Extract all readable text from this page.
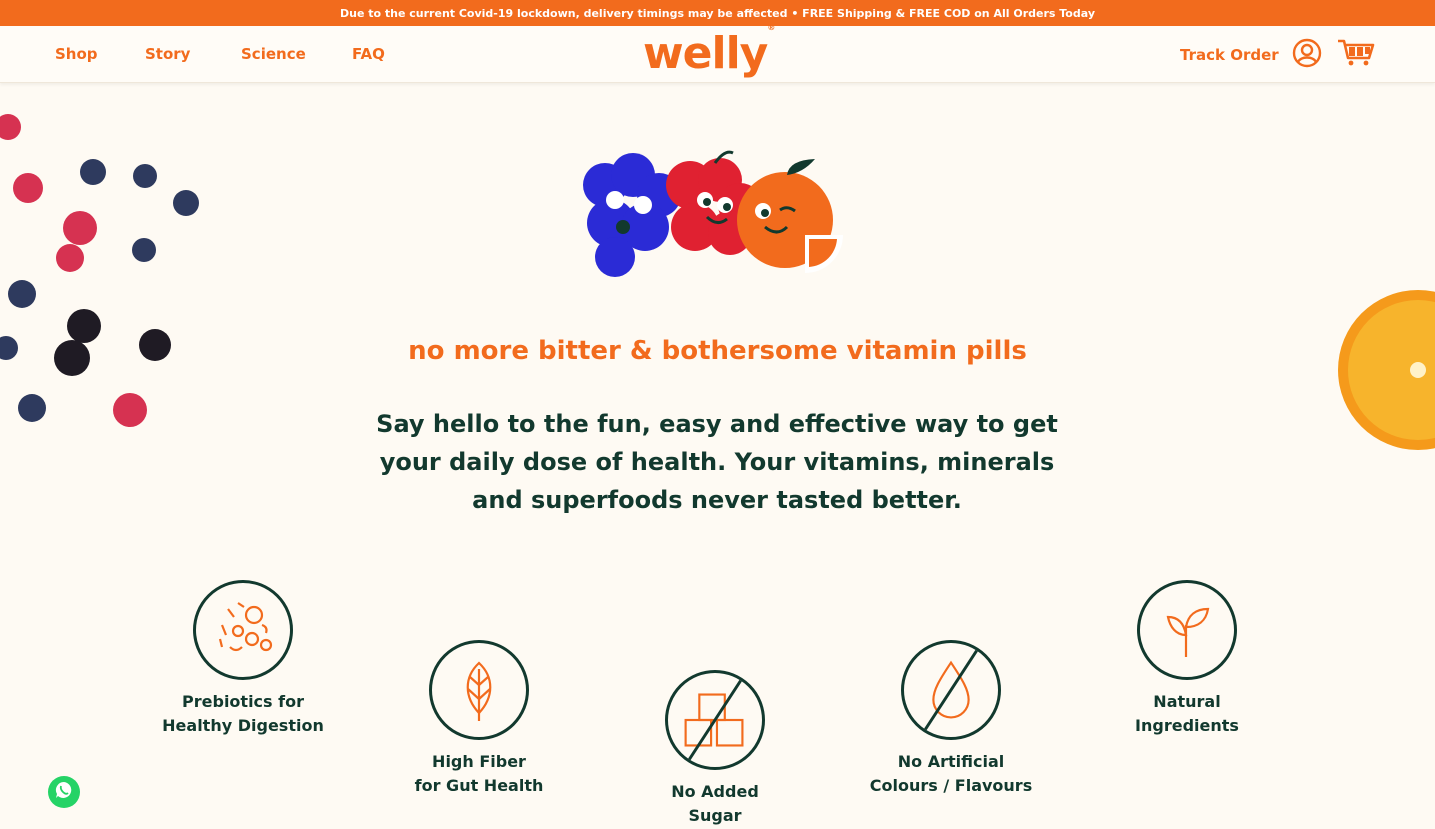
Due to the current Covid-19 lockdown, delivery timings may be affected • FREE Shipping & FREE COD on All Orders Today
Shop	Story	Science	FAQ	welly®
Track Order
no more bitter & bothersome vitamin pills
Say hello to the fun, easy and effective way to get your daily dose of health. Your vitamins, minerals and superfoods never tasted better.
Prebiotics for
Healthy Digestion
High Fiber
for Gut Health	No Added
Sugar
No Artificial
Colours / Flavours
Natural
Ingredients
